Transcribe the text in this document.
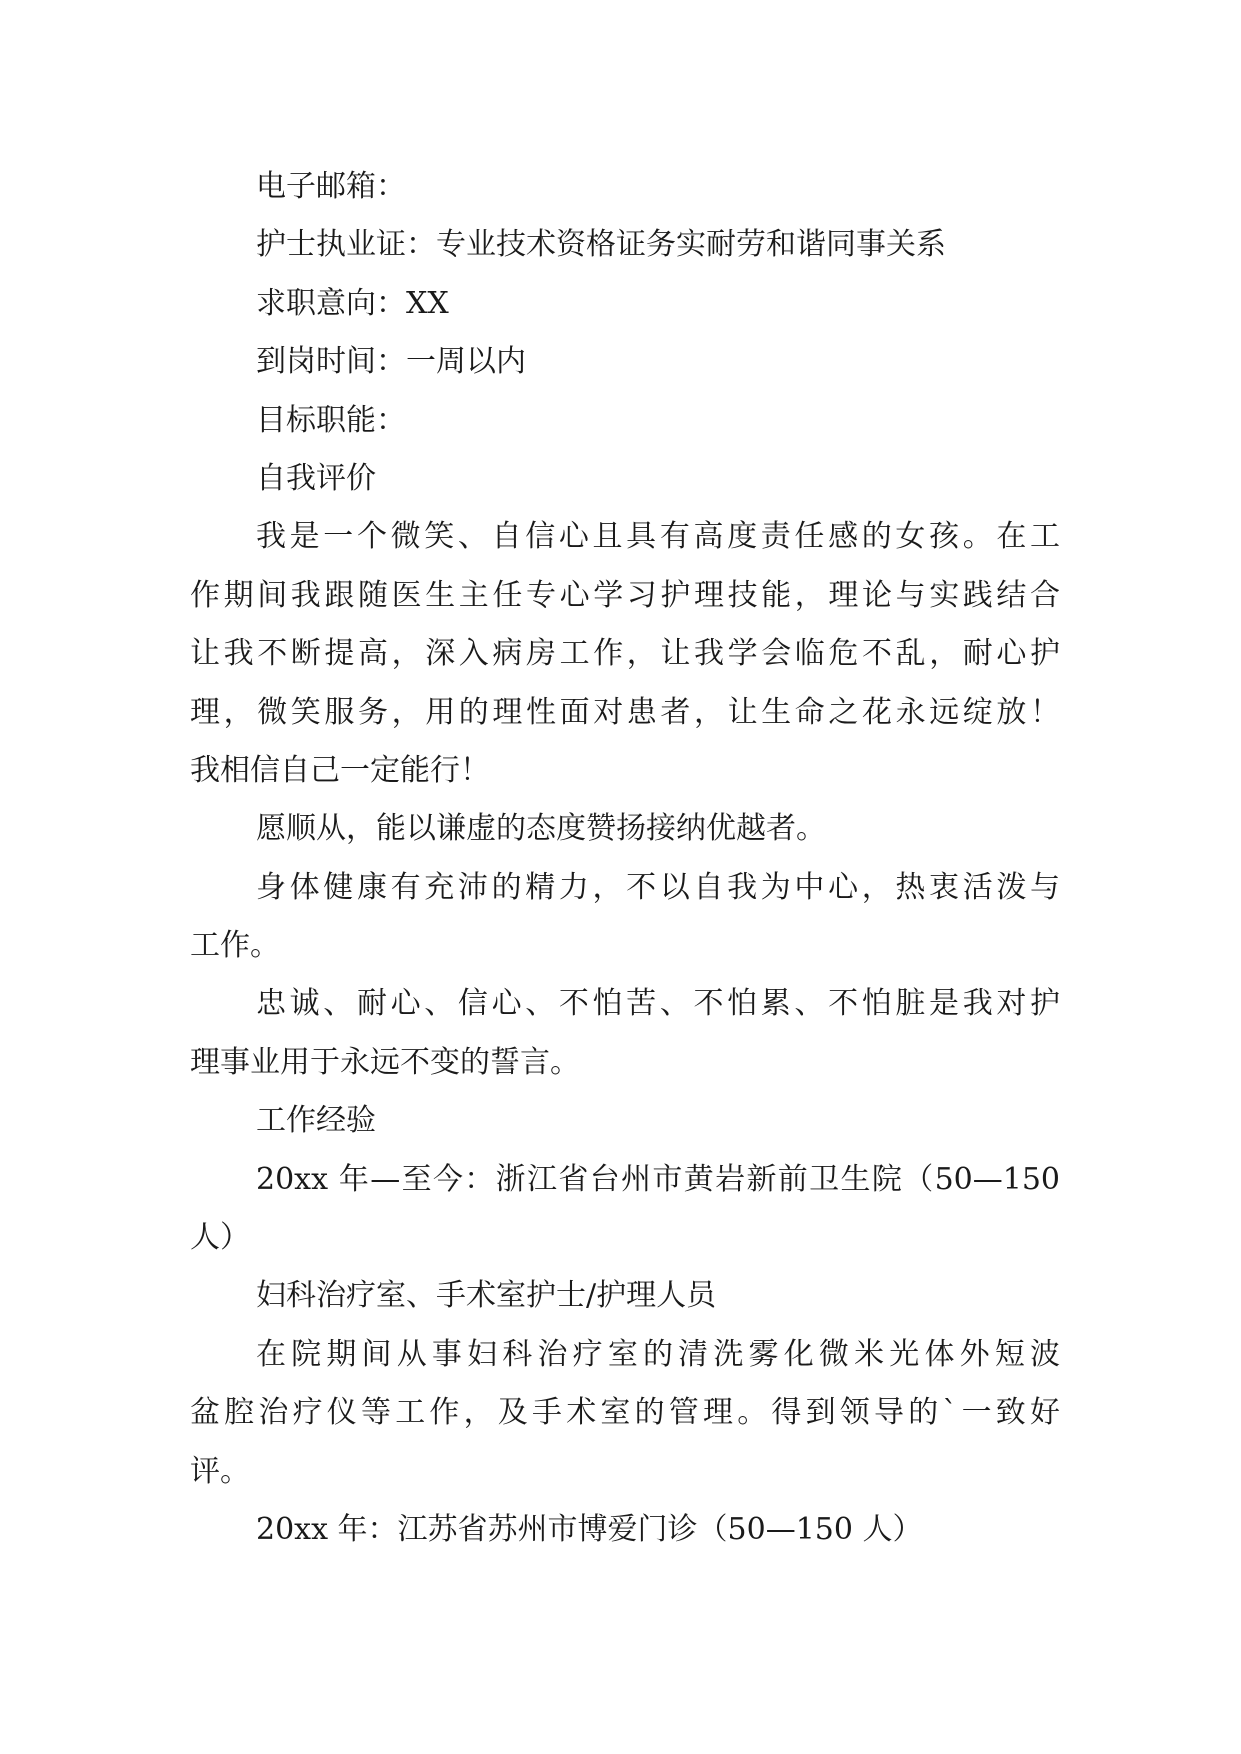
电子邮箱：
护士执业证：专业技术资格证务实耐劳和谐同事关系
求职意向：XX
到岗时间：一周以内
目标职能：
自我评价
我是一个微笑、自信心且具有高度责任感的女孩。在工
作期间我跟随医生主任专心学习护理技能，理论与实践结合
让我不断提高，深入病房工作，让我学会临危不乱，耐心护
理，微笑服务，用的理性面对患者，让生命之花永远绽放！
我相信自己一定能行！
愿顺从，能以谦虚的态度赞扬接纳优越者。
身体健康有充沛的精力，不以自我为中心，热衷活泼与
工作。
忠诚、耐心、信心、不怕苦、不怕累、不怕脏是我对护
理事业用于永远不变的誓言。
工作经验
20xx 年—至今：浙江省台州市黄岩新前卫生院（50—150
人）
妇科治疗室、手术室护士/护理人员
在院期间从事妇科治疗室的清洗雾化微米光体外短波
盆腔治疗仪等工作，及手术室的管理。得到领导的`一致好
评。
20xx 年：江苏省苏州市博爱门诊（50—150 人）
